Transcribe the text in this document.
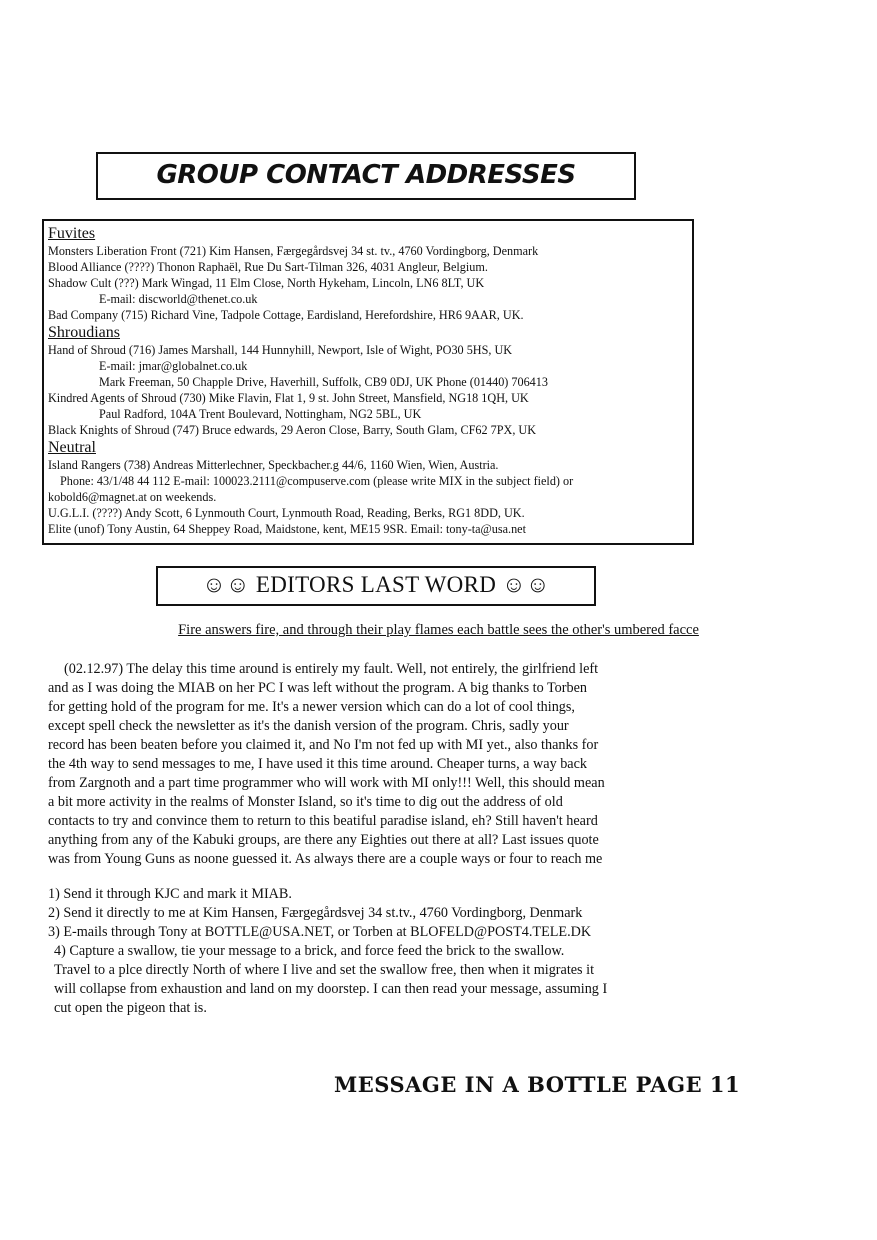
GROUP CONTACT ADDRESSES
Fuvites
Monsters Liberation Front (721) Kim Hansen, Færgegårdsvej 34 st. tv., 4760 Vordingborg, Denmark
Blood Alliance (????) Thonon Raphaël, Rue Du Sart-Tilman 326, 4031 Angleur, Belgium.
Shadow Cult (???) Mark Wingad, 11 Elm Close, North Hykeham, Lincoln, LN6 8LT, UK
E-mail: discworld@thenet.co.uk
Bad Company (715) Richard Vine, Tadpole Cottage, Eardisland, Herefordshire, HR6 9AAR, UK.
Shroudians
Hand of Shroud (716) James Marshall, 144 Hunnyhill, Newport, Isle of Wight, PO30 5HS, UK
E-mail: jmar@globalnet.co.uk
Mark Freeman, 50 Chapple Drive, Haverhill, Suffolk, CB9 0DJ, UK Phone (01440) 706413
Kindred Agents of Shroud (730) Mike Flavin, Flat 1, 9 st. John Street, Mansfield, NG18 1QH, UK
Paul Radford, 104A Trent Boulevard, Nottingham, NG2 5BL, UK
Black Knights of Shroud (747) Bruce edwards, 29 Aeron Close, Barry, South Glam, CF62 7PX, UK
Neutral
Island Rangers (738) Andreas Mitterlechner, Speckbacher.g 44/6, 1160 Wien, Wien, Austria.
Phone: 43/1/48 44 112 E-mail: 100023.2111@compuserve.com (please write MIX in the subject field) or
kobold6@magnet.at on weekends.
U.G.L.I. (????) Andy Scott, 6 Lynmouth Court, Lynmouth Road, Reading, Berks, RG1 8DD, UK.
Elite (unof) Tony Austin, 64 Sheppey Road, Maidstone, kent, ME15 9SR. Email: tony-ta@usa.net
☺☺ EDITORS LAST WORD ☺☺
Fire answers fire, and through their play flames each battle sees the other's umbered facce

(02.12.97) The delay this time around is entirely my fault. Well, not entirely, the girlfriend left

and as I was doing the MIAB on her PC I was left without the program. A big thanks to Torben

for getting hold of the program for me. It's a newer version which can do a lot of cool things,

except spell check the newsletter as it's the danish version of the program. Chris, sadly your

record has been beaten before you claimed it, and No I'm not fed up with MI yet., also thanks for

the 4th way to send messages to me, I have used it this time around. Cheaper turns, a way back

from Zargnoth and a part time programmer who will work with MI only!!! Well, this should mean

a bit more activity in the realms of Monster Island, so it's time to dig out the address of old

contacts to try and convince them to return to this beatiful paradise island, eh? Still haven't heard

anything from any of the Kabuki groups, are there any Eighties out there at all? Last issues quote

was from Young Guns as noone guessed it. As always there are a couple ways or four to reach me

1) Send it through KJC and mark it MIAB.
2) Send it directly to me at Kim Hansen, Færgegårdsvej 34 st.tv., 4760 Vordingborg, Denmark
3) E-mails through Tony at BOTTLE@USA.NET, or Torben at BLOFELD@POST4.TELE.DK
4) Capture a swallow, tie your message to a brick, and force feed the brick to the swallow.
Travel to a plce directly North of where I live and set the swallow free, then when it migrates it
will collapse from exhaustion and land on my doorstep. I can then read your message, assuming I
cut open the pigeon that is.
MESSAGE IN A BOTTLE PAGE 11
